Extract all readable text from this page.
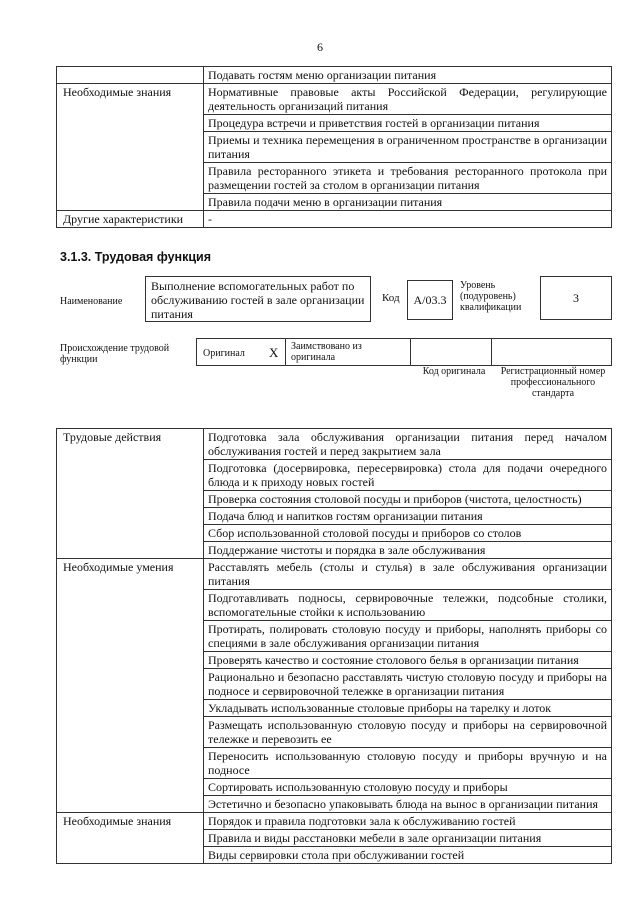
6
	Подавать гостям меню организации питания
Необходимые знания	Нормативные правовые акты Российской Федерации, регулирующие деятельность организаций питания
	Процедура встречи и приветствия гостей в организации питания
	Приемы и техника перемещения в ограниченном пространстве в организации питания
	Правила ресторанного этикета и требования ресторанного протокола при размещении гостей за столом в организации питания
	Правила подачи меню в организации питания
Другие характеристики	-
3.1.3. Трудовая функция
Наименование
Выполнение вспомогательных работ по обслуживанию гостей в зале организации питания
Код A/03.3
Уровень (подуровень) квалификации
3
Происхождение трудовой функции
Оригинал X Заимствовано из оригинала
Код оригинала	Регистрационный номер профессионального стандарта
Трудовые действия	Подготовка зала обслуживания организации питания перед началом обслуживания гостей и перед закрытием зала
	Подготовка (досервировка, пересервировка) стола для подачи очередного блюда и к приходу новых гостей
	Проверка состояния столовой посуды и приборов (чистота, целостность)
	Подача блюд и напитков гостям организации питания
	Сбор использованной столовой посуды и приборов со столов
	Поддержание чистоты и порядка в зале обслуживания
Необходимые умения	Расставлять мебель (столы и стулья) в зале обслуживания организации питания
	Подготавливать подносы, сервировочные тележки, подсобные столики, вспомогательные стойки к использованию
	Протирать, полировать столовую посуду и приборы, наполнять приборы со специями в зале обслуживания организации питания
	Проверять качество и состояние столового белья в организации питания
	Рационально и безопасно расставлять чистую столовую посуду и приборы на подносе и сервировочной тележке в организации питания
	Укладывать использованные столовые приборы на тарелку и лоток
	Размещать использованную столовую посуду и приборы на сервировочной тележке и перевозить ее
	Переносить использованную столовую посуду и приборы вручную и на подносе
	Сортировать использованную столовую посуду и приборы
	Эстетично и безопасно упаковывать блюда на вынос в организации питания
Необходимые знания	Порядок и правила подготовки зала к обслуживанию гостей
	Правила и виды расстановки мебели в зале организации питания
	Виды сервировки стола при обслуживании гостей
